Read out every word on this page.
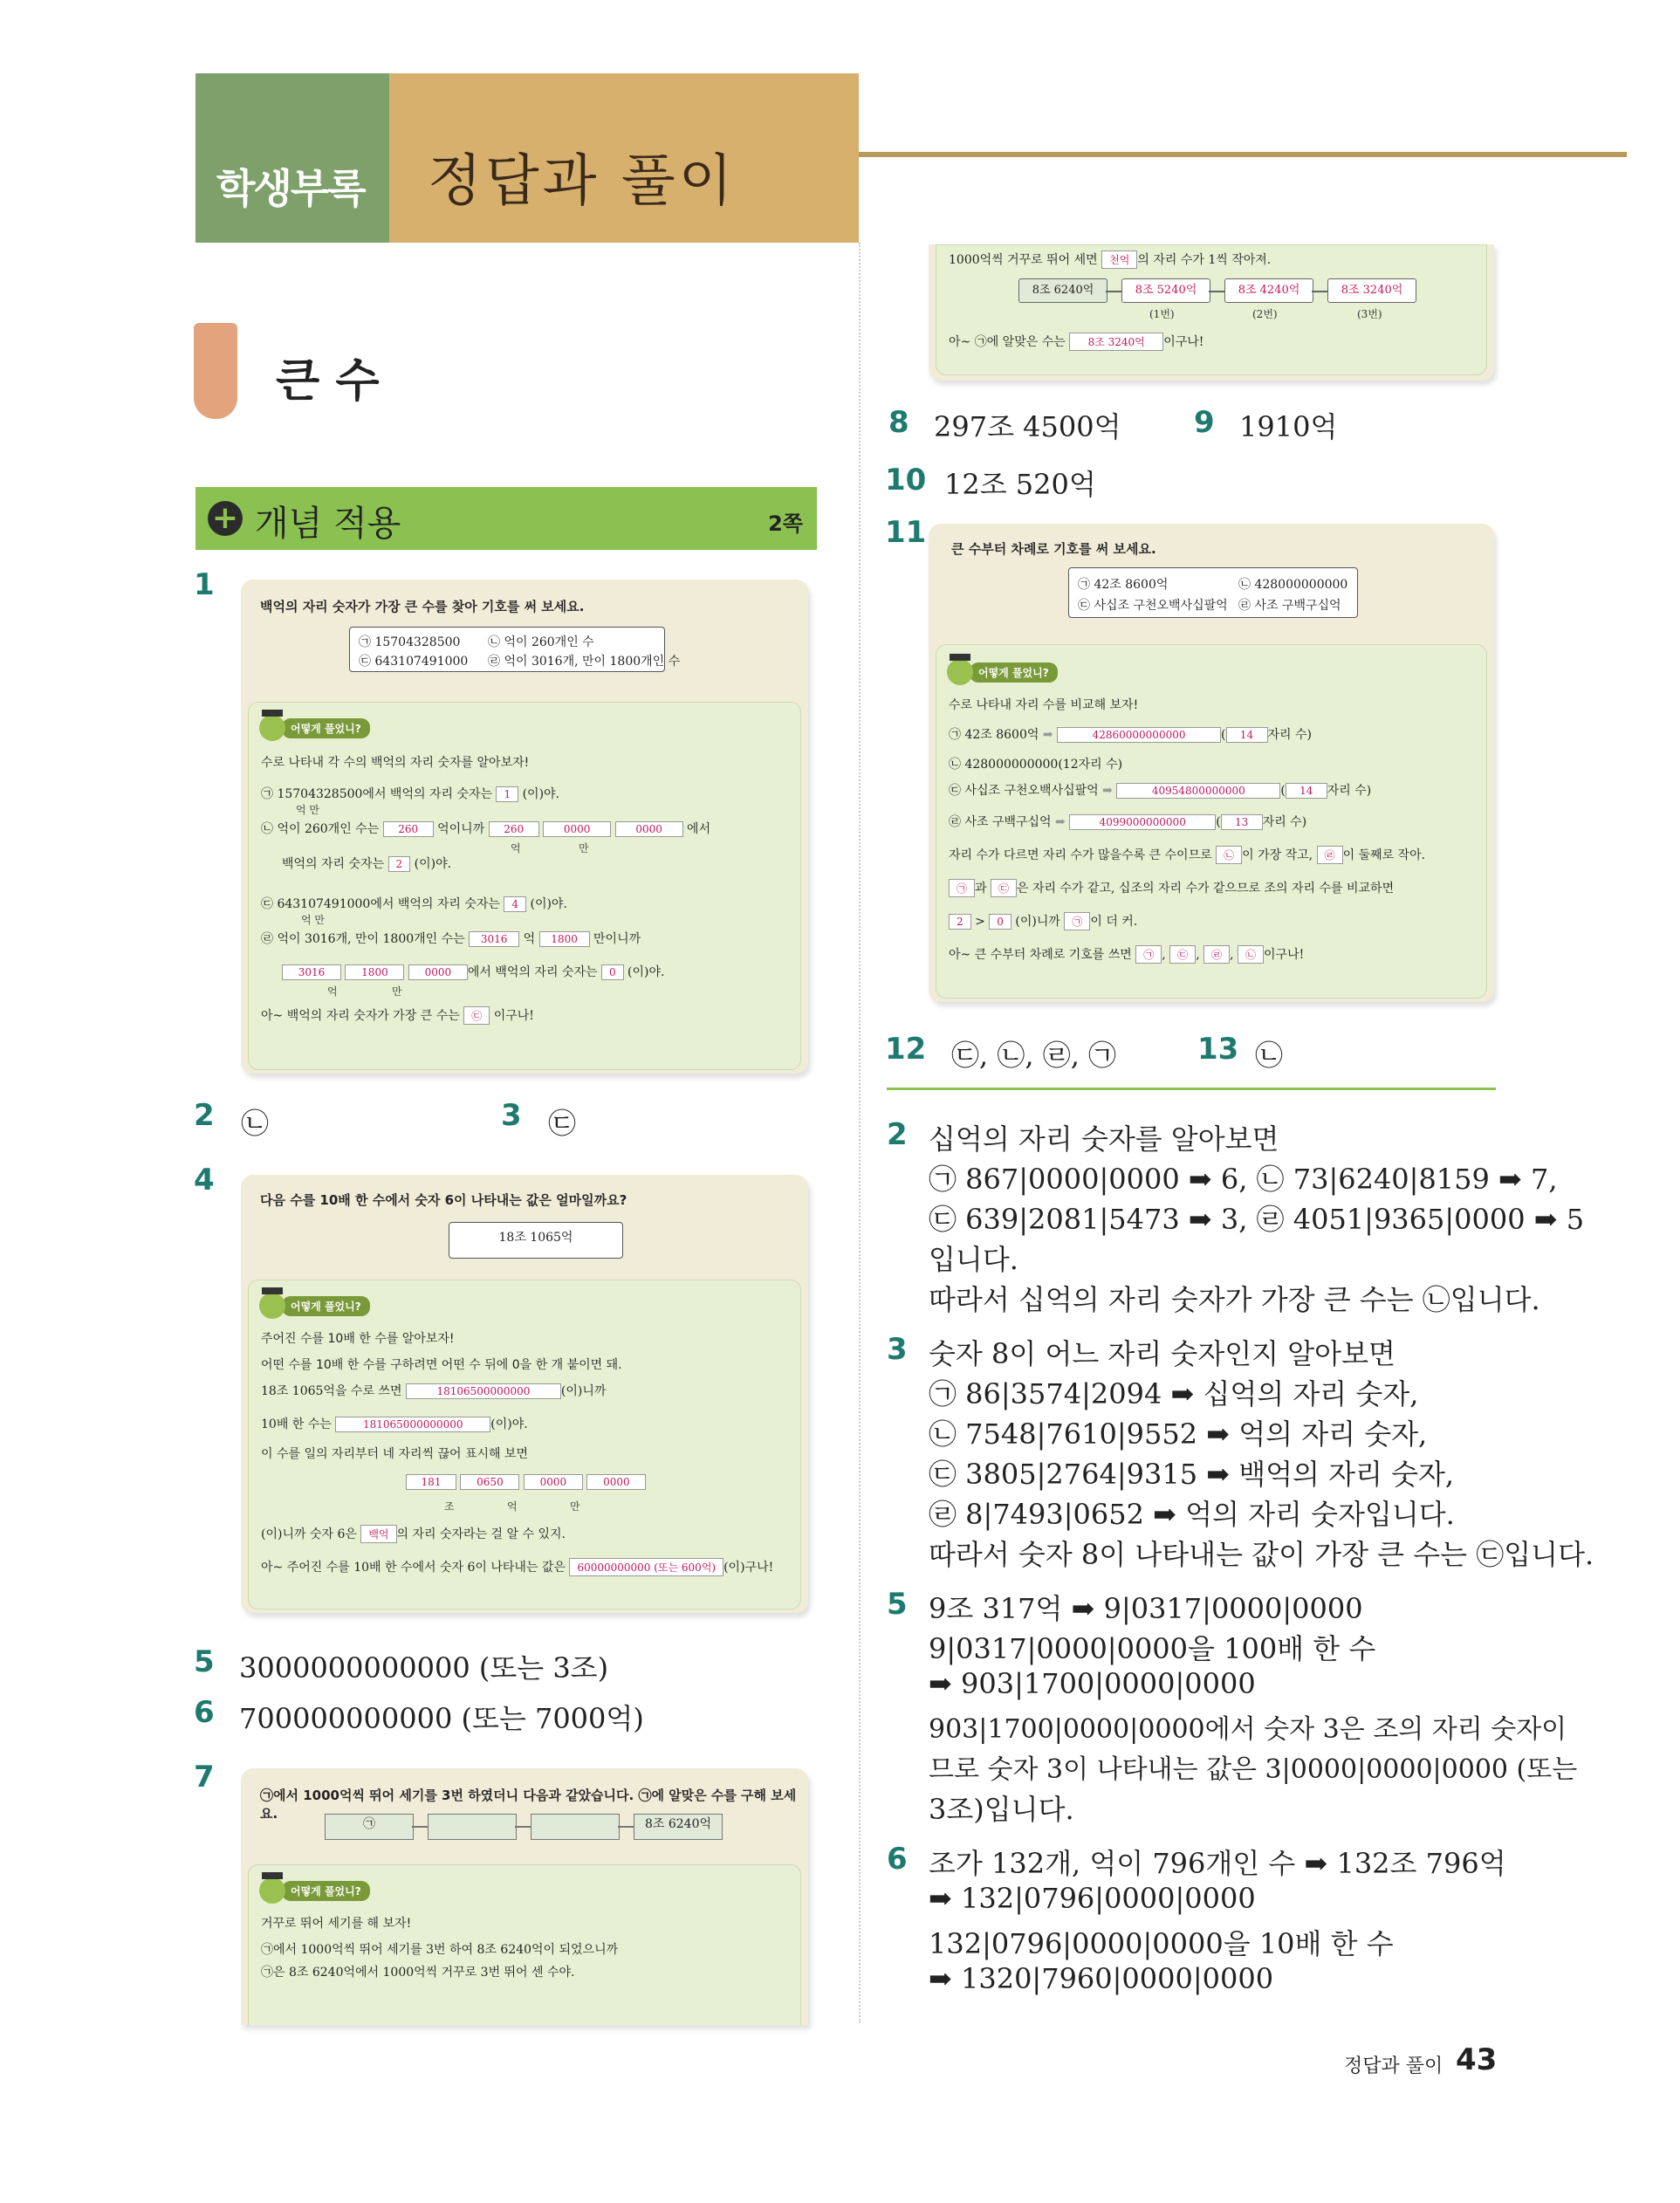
학생부록 정답과 풀이
큰 수
+ 개념 적용	2쪽
1
백억의 자리 숫자가 가장 큰 수를 찾아 기호를 써 보세요.
㉠ 15704328500 ㉡ 억이 260개인 수
㉢ 643107491000 ㉣ 억이 3016개, 만이 1800개인 수
어떻게 풀었니?
수로 나타내 각 수의 백억의 자리 숫자를 알아보자!
㉠ 15704328500에서 백억의 자리 숫자는 1 (이)야.
억 만
㉡ 억이 260개인 수는 260 억이니까 260	0000	0000 에서
억	만
백억의 자리 숫자는 2 (이)야.
㉢ 643107491000에서 백억의 자리 숫자는 4 (이)야.
억 만
㉣ 억이 3016개, 만이 1800개인 수는 3016 억 1800 만이니까
3016	1800	0000 에서 백억의 자리 숫자는 0 (이)야.
억	만
아~ 백억의 자리 숫자가 가장 큰 수는 ㉢ 이구나!
2 ㉡	3 ㉢
4
다음 수를 10배 한 수에서 숫자 6이 나타내는 값은 얼마일까요?
18조 1065억
어떻게 풀었니?
주어진 수를 10배 한 수를 알아보자!
어떤 수를 10배 한 수를 구하려면 어떤 수 뒤에 0을 한 개 붙이면 돼.
18조 1065억을 수로 쓰면	18106500000000	(이)니까
10배 한 수는	181065000000000 (이)야.
이 수를 일의 자리부터 네 자리씩 끊어 표시해 보면
181	0650	0000	0000
조	억	만
(이)니까 숫자 6은 백억 의 자리 숫자라는 걸 알 수 있지.
아~ 주어진 수를 10배 한 수에서 숫자 6이 나타내는 값은 60000000000 (또는 600억) (이)구나!
5 3000000000000 (또는 3조)
6 700000000000 (또는 7000억)
7
㉠에서 1000억씩 뛰어 세기를 3번 하였더니 다음과 같았습니다. ㉠에 알맞은 수를 구해 보세요.
㉠	8조 6240억
어떻게 풀었니?
거꾸로 뛰어 세기를 해 보자!
㉠에서 1000억씩 뛰어 세기를 3번 하여 8조 6240억이 되었으니까
㉠은 8조 6240억에서 1000억씩 거꾸로 3번 뛰어 센 수야.
1000억씩 거꾸로 뛰어 세면 천억 의 자리 수가 1씩 작아져.
8조 6240억	8조 5240억	8조 4240억	8조 3240억
(1번)	(2번)	(3번)
아~ ㉠에 알맞은 수는 8조 3240억 이구나!
8 297조 4500억 9 1910억
10 12조 520억
11 큰 수부터 차례로 기호를 써 보세요.
㉠ 42조 8600억	㉡ 428000000000
㉢ 사십조 구천오백사십팔억 ㉣ 사조 구백구십억
어떻게 풀었니?
수로 나타내 자리 수를 비교해 보자!
㉠ 42조 8600억 ➡	42860000000000	( 14 자리 수)
㉡ 428000000000(12자리 수)
㉢ 사십조 구천오백사십팔억 ➡	40954800000000	( 14 자리 수)
㉣ 사조 구백구십억 ➡	4099000000000 ( 13 자리 수)
자리 수가 다르면 자리 수가 많을수록 큰 수이므로 ㉡ 이 가장 작고, ㉣ 이 둘째로 작아.
㉠ 과 ㉢ 은 자리 수가 같고, 십조의 자리 수가 같으므로 조의 자리 수를 비교하면
2 > 0 (이)니까 ㉠ 이 더 커.
아~ 큰 수부터 차례로 기호를 쓰면 ㉠ , ㉢ , ㉣ , ㉡ 이구나!
12 ㉢, ㉡, ㉣, ㉠	13 ㉡
2 십억의 자리 숫자를 알아보면
㉠ 867|0000|0000 ➡ 6, ㉡ 73|6240|8159 ➡ 7,
㉢ 639|2081|5473 ➡ 3, ㉣ 4051|9365|0000 ➡ 5
입니다.
따라서 십억의 자리 숫자가 가장 큰 수는 ㉡입니다.
3 숫자 8이 어느 자리 숫자인지 알아보면
㉠ 86|3574|2094 ➡ 십억의 자리 숫자,
㉡ 7548|7610|9552 ➡ 억의 자리 숫자,
㉢ 3805|2764|9315 ➡ 백억의 자리 숫자,
㉣ 8|7493|0652 ➡ 억의 자리 숫자입니다.
따라서 숫자 8이 나타내는 값이 가장 큰 수는 ㉢입니다.
5 9조 317억 ➡ 9|0317|0000|0000
9|0317|0000|0000을 100배 한 수
➡ 903|1700|0000|0000
903|1700|0000|0000에서 숫자 3은 조의 자리 숫자이
므로 숫자 3이 나타내는 값은 3|0000|0000|0000 (또는
3조)입니다.
6 조가 132개, 억이 796개인 수 ➡ 132조 796억
➡ 132|0796|0000|0000
132|0796|0000|0000을 10배 한 수
➡ 1320|7960|0000|0000
정답과 풀이 43
